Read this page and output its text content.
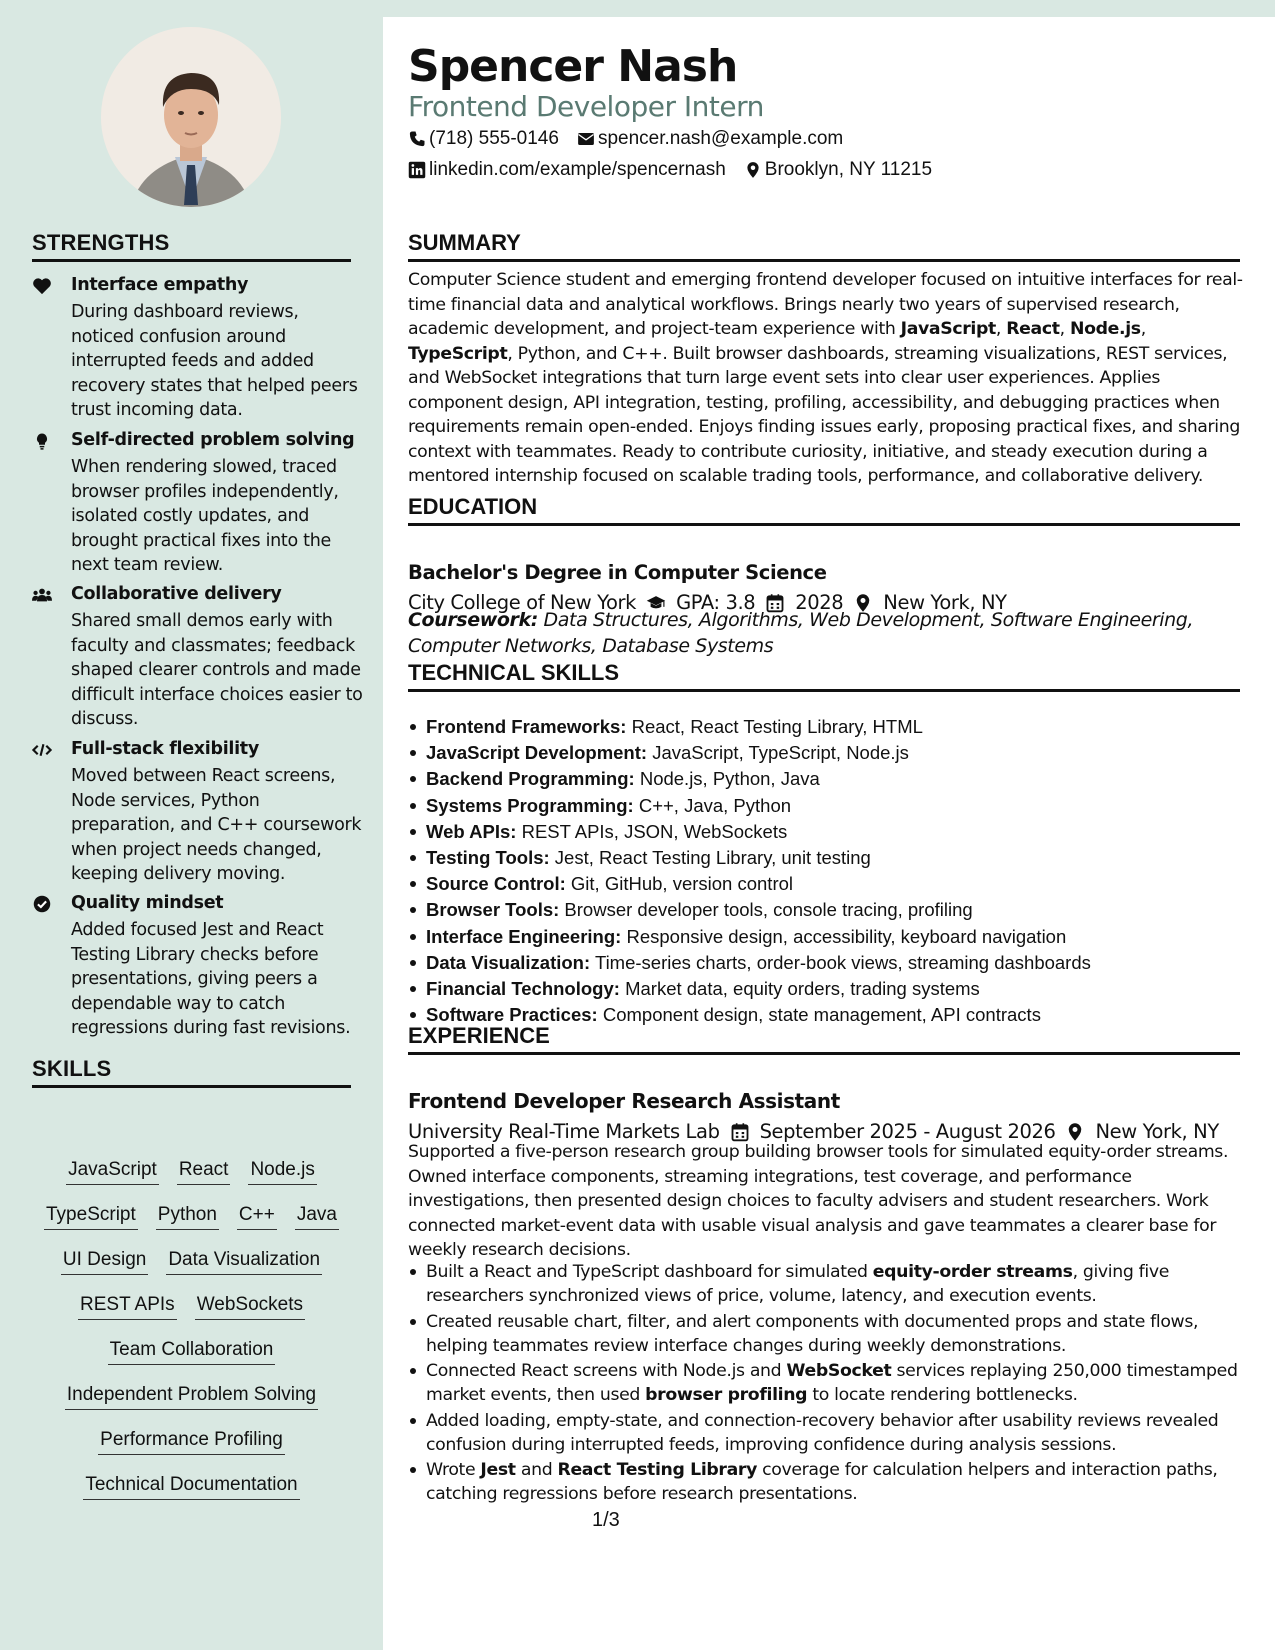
STRENGTHS
Interface empathy
During dashboard reviews, noticed confusion around interrupted feeds and added recovery states that helped peers trust incoming data.
Self-directed problem solving
When rendering slowed, traced browser profiles independently, isolated costly updates, and brought practical fixes into the next team review.
Collaborative delivery
Shared small demos early with faculty and classmates; feedback shaped clearer controls and made difficult interface choices easier to discuss.
Full-stack flexibility
Moved between React screens, Node services, Python preparation, and C++ coursework when project needs changed, keeping delivery moving.
Quality mindset
Added focused Jest and React Testing Library checks before presentations, giving peers a dependable way to catch regressions during fast revisions.
SKILLS
JavaScript React Node.js
TypeScript Python C++ Java
UI Design Data Visualization
REST APIs WebSockets
Team Collaboration
Independent Problem Solving
Performance Profiling
Technical Documentation
Spencer Nash
Frontend Developer Intern
(718) 555-0146 spencer.nash@example.com
linkedin.com/example/spencernash Brooklyn, NY 11215
SUMMARY
Computer Science student and emerging frontend developer focused on intuitive interfaces for real-time financial data and analytical workflows. Brings nearly two years of supervised research, academic development, and project-team experience with JavaScript, React, Node.js, TypeScript, Python, and C++. Built browser dashboards, streaming visualizations, REST services, and WebSocket integrations that turn large event sets into clear user experiences. Applies component design, API integration, testing, profiling, accessibility, and debugging practices when requirements remain open-ended. Enjoys finding issues early, proposing practical fixes, and sharing context with teammates. Ready to contribute curiosity, initiative, and steady execution during a mentored internship focused on scalable trading tools, performance, and collaborative delivery.
EDUCATION
Bachelor's Degree in Computer Science
City College of New York GPA: 3.8 2028 New York, NY
Coursework: Data Structures, Algorithms, Web Development, Software Engineering, Computer Networks, Database Systems
TECHNICAL SKILLS
Frontend Frameworks: React, React Testing Library, HTML
JavaScript Development: JavaScript, TypeScript, Node.js
Backend Programming: Node.js, Python, Java
Systems Programming: C++, Java, Python
Web APIs: REST APIs, JSON, WebSockets
Testing Tools: Jest, React Testing Library, unit testing
Source Control: Git, GitHub, version control
Browser Tools: Browser developer tools, console tracing, profiling
Interface Engineering: Responsive design, accessibility, keyboard navigation
Data Visualization: Time-series charts, order-book views, streaming dashboards
Financial Technology: Market data, equity orders, trading systems
Software Practices: Component design, state management, API contracts
EXPERIENCE
Frontend Developer Research Assistant
University Real-Time Markets Lab September 2025 - August 2026 New York, NY
Supported a five-person research group building browser tools for simulated equity-order streams. Owned interface components, streaming integrations, test coverage, and performance investigations, then presented design choices to faculty advisers and student researchers. Work connected market-event data with usable visual analysis and gave teammates a clearer base for weekly research decisions.
Built a React and TypeScript dashboard for simulated equity-order streams, giving five researchers synchronized views of price, volume, latency, and execution events.
Created reusable chart, filter, and alert components with documented props and state flows, helping teammates review interface changes during weekly demonstrations.
Connected React screens with Node.js and WebSocket services replaying 250,000 timestamped market events, then used browser profiling to locate rendering bottlenecks.
Added loading, empty-state, and connection-recovery behavior after usability reviews revealed confusion during interrupted feeds, improving confidence during analysis sessions.
Wrote Jest and React Testing Library coverage for calculation helpers and interaction paths, catching regressions before research presentations.
1/3
